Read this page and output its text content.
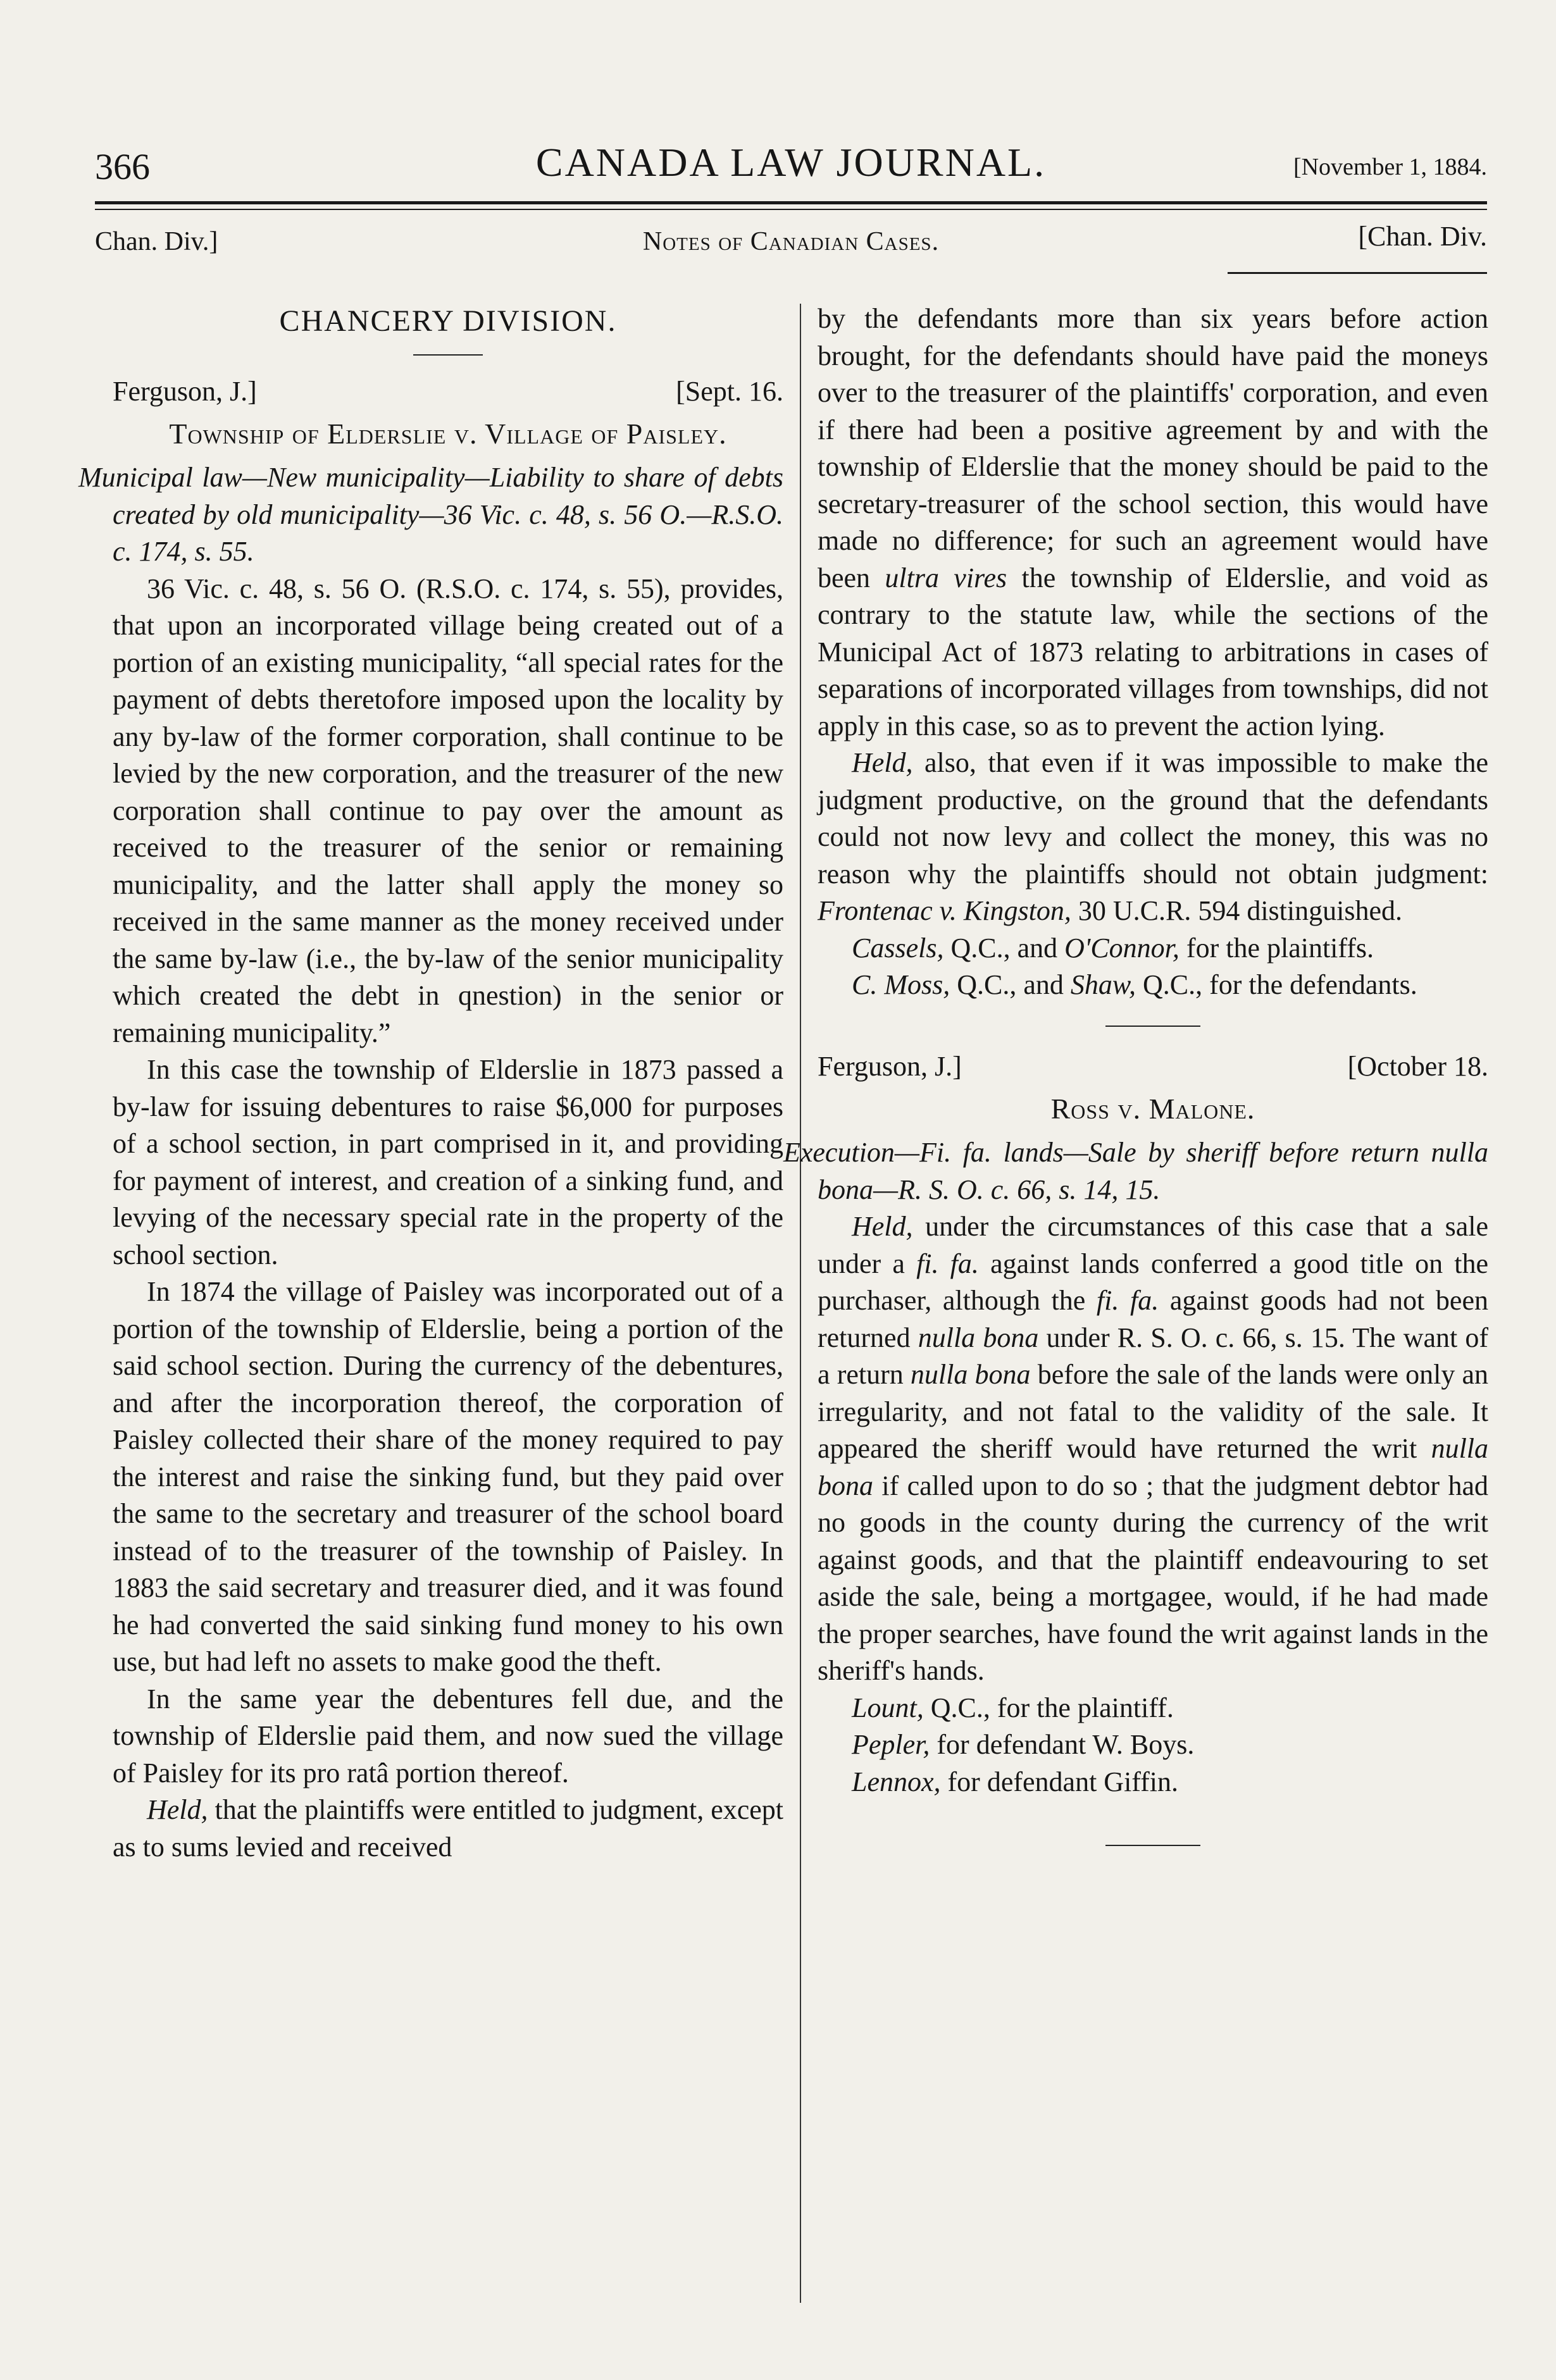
366	CANADA LAW JOURNAL.	[November 1, 1884.
Chan. Div.]	Notes of Canadian Cases.	[Chan. Div.
CHANCERY DIVISION.
Ferguson, J.]	[Sept. 16.
Township of Elderslie v. Village of Paisley.

Municipal law—New municipality—Liability to share of debts created by old municipality—36 Vic. c. 48, s. 56 O.—R.S.O. c. 174, s. 55.

36 Vic. c. 48, s. 56 O. (R.S.O. c. 174, s. 55), provides, that upon an incorporated village being created out of a portion of an existing municipality, “all special rates for the payment of debts theretofore imposed upon the locality by any by-law of the former corporation, shall continue to be levied by the new corporation, and the treasurer of the new corporation shall continue to pay over the amount as received to the treasurer of the senior or remaining municipality, and the latter shall apply the money so received in the same manner as the money received under the same by-law (i.e., the by-law of the senior municipality which created the debt in qnestion) in the senior or remaining municipality.”

In this case the township of Elderslie in 1873 passed a by-law for issuing debentures to raise $6,000 for purposes of a school section, in part comprised in it, and providing for payment of interest, and creation of a sinking fund, and levying of the necessary special rate in the property of the school section.

In 1874 the village of Paisley was incorporated out of a portion of the township of Elderslie, being a portion of the said school section. During the currency of the debentures, and after the incorporation thereof, the corporation of Paisley collected their share of the money required to pay the interest and raise the sinking fund, but they paid over the same to the secretary and treasurer of the school board instead of to the treasurer of the township of Paisley. In 1883 the said secretary and treasurer died, and it was found he had converted the said sinking fund money to his own use, but had left no assets to make good the theft.

In the same year the debentures fell due, and the township of Elderslie paid them, and now sued the village of Paisley for its pro ratâ portion thereof.

Held, that the plaintiffs were entitled to judgment, except as to sums levied and received

by the defendants more than six years before action brought, for the defendants should have paid the moneys over to the treasurer of the plaintiffs' corporation, and even if there had been a positive agreement by and with the township of Elderslie that the money should be paid to the secretary-treasurer of the school section, this would have made no difference; for such an agreement would have been ultra vires the township of Elderslie, and void as contrary to the statute law, while the sections of the Municipal Act of 1873 relating to arbitrations in cases of separations of incorporated villages from townships, did not apply in this case, so as to prevent the action lying.

Held, also, that even if it was impossible to make the judgment productive, on the ground that the defendants could not now levy and collect the money, this was no reason why the plaintiffs should not obtain judgment: Frontenac v. Kingston, 30 U.C.R. 594 distinguished.

Cassels, Q.C., and O'Connor, for the plaintiffs.

C. Moss, Q.C., and Shaw, Q.C., for the defendants.

Ferguson, J.]	[October 18.
Ross v. Malone.

Execution—Fi. fa. lands—Sale by sheriff before return nulla bona—R. S. O. c. 66, s. 14, 15.

Held, under the circumstances of this case that a sale under a fi. fa. against lands conferred a good title on the purchaser, although the fi. fa. against goods had not been returned nulla bona under R. S. O. c. 66, s. 15. The want of a return nulla bona before the sale of the lands were only an irregularity, and not fatal to the validity of the sale. It appeared the sheriff would have returned the writ nulla bona if called upon to do so ; that the judgment debtor had no goods in the county during the currency of the writ against goods, and that the plaintiff endeavouring to set aside the sale, being a mortgagee, would, if he had made the proper searches, have found the writ against lands in the sheriff's hands.

Lount, Q.C., for the plaintiff.

Pepler, for defendant W. Boys.

Lennox, for defendant Giffin.
